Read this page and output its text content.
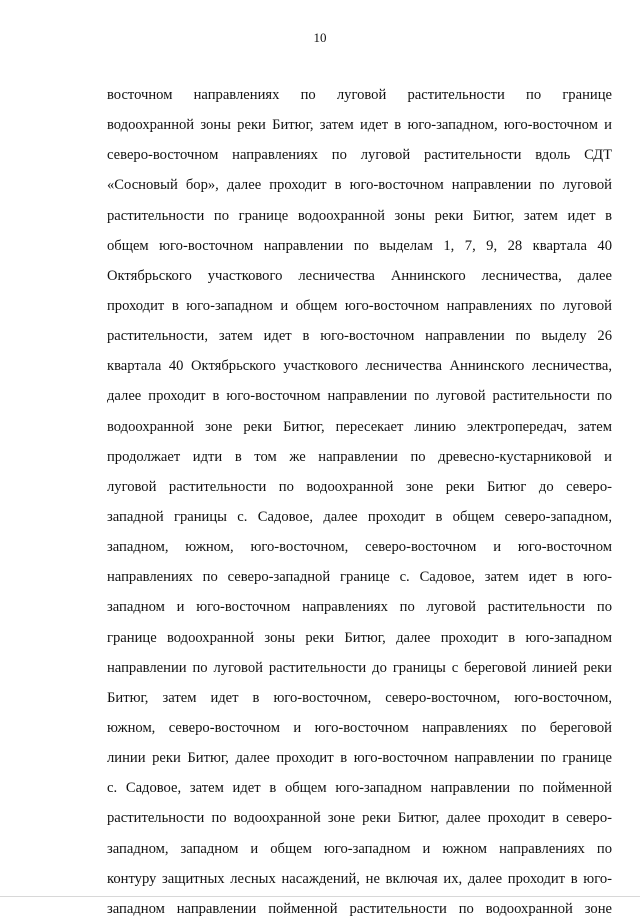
10
восточном направлениях по луговой растительности по границе
водоохранной зоны реки Битюг, затем идет в юго-западном, юго-восточном и
северо-восточном направлениях по луговой растительности вдоль СДТ
«Сосновый бор», далее проходит в юго-восточном направлении по луговой
растительности по границе водоохранной зоны реки Битюг, затем идет в
общем юго-восточном направлении по выделам 1, 7, 9, 28 квартала 40
Октябрьского участкового лесничества Аннинского лесничества, далее
проходит в юго-западном и общем юго-восточном направлениях по луговой
растительности, затем идет в юго-восточном направлении по выделу 26
квартала 40 Октябрьского участкового лесничества Аннинского лесничества,
далее проходит в юго-восточном направлении по луговой растительности по
водоохранной зоне реки Битюг, пересекает линию электропередач, затем
продолжает идти в том же направлении по древесно-кустарниковой и
луговой растительности по водоохранной зоне реки Битюг до северо-
западной границы с. Садовое, далее проходит в общем северо-западном,
западном, южном, юго-восточном, северо-восточном и юго-восточном
направлениях по северо-западной границе с. Садовое, затем идет в юго-
западном и юго-восточном направлениях по луговой растительности по
границе водоохранной зоны реки Битюг, далее проходит в юго-западном
направлении по луговой растительности до границы с береговой линией реки
Битюг, затем идет в юго-восточном, северо-восточном, юго-восточном,
южном, северо-восточном и юго-восточном направлениях по береговой
линии реки Битюг, далее проходит в юго-восточном направлении по границе
с. Садовое, затем идет в общем юго-западном направлении по пойменной
растительности по водоохранной зоне реки Битюг, далее проходит в северо-
западном, западном и общем юго-западном и южном направлениях по
контуру защитных лесных насаждений, не включая их, далее проходит в юго-
западном направлении пойменной растительности по водоохранной зоне
